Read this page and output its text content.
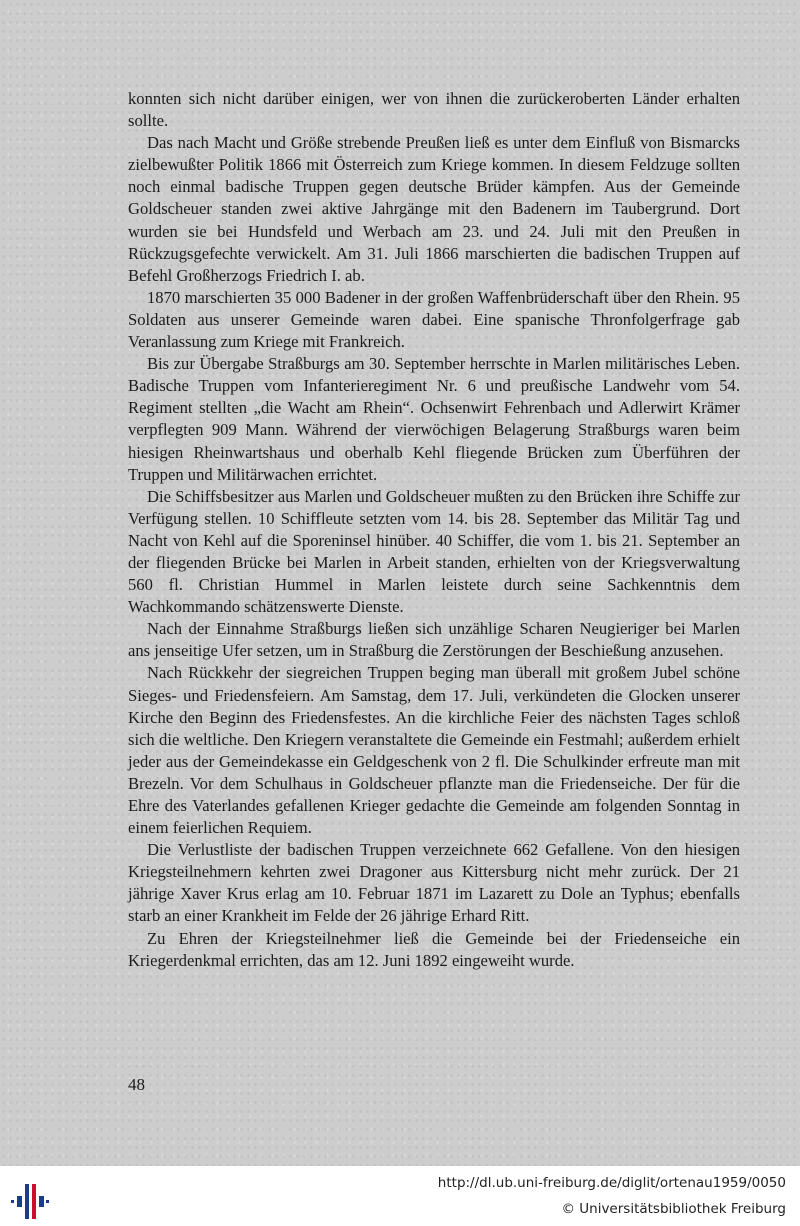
konnten sich nicht darüber einigen, wer von ihnen die zurückeroberten Länder erhalten sollte.

Das nach Macht und Größe strebende Preußen ließ es unter dem Einfluß von Bismarcks zielbewußter Politik 1866 mit Österreich zum Kriege kommen. In diesem Feldzuge sollten noch einmal badische Truppen gegen deutsche Brüder kämpfen. Aus der Gemeinde Goldscheuer standen zwei aktive Jahrgänge mit den Badenern im Taubergrund. Dort wurden sie bei Hundsfeld und Werbach am 23. und 24. Juli mit den Preußen in Rückzugsgefechte verwickelt. Am 31. Juli 1866 marschierten die badischen Truppen auf Befehl Großherzogs Friedrich I. ab.

1870 marschierten 35 000 Badener in der großen Waffenbrüderschaft über den Rhein. 95 Soldaten aus unserer Gemeinde waren dabei. Eine spanische Thronfolgerfrage gab Veranlassung zum Kriege mit Frankreich.

Bis zur Übergabe Straßburgs am 30. September herrschte in Marlen militärisches Leben. Badische Truppen vom Infanterieregiment Nr. 6 und preußische Landwehr vom 54. Regiment stellten „die Wacht am Rhein“. Ochsenwirt Fehrenbach und Adlerwirt Krämer verpflegten 909 Mann. Während der vierwöchigen Belagerung Straßburgs waren beim hiesigen Rheinwartshaus und oberhalb Kehl fliegende Brücken zum Überführen der Truppen und Militärwachen errichtet.

Die Schiffsbesitzer aus Marlen und Goldscheuer mußten zu den Brücken ihre Schiffe zur Verfügung stellen. 10 Schiffleute setzten vom 14. bis 28. September das Militär Tag und Nacht von Kehl auf die Sporeninsel hinüber. 40 Schiffer, die vom 1. bis 21. September an der fliegenden Brücke bei Marlen in Arbeit standen, erhielten von der Kriegsverwaltung 560 fl. Christian Hummel in Marlen leistete durch seine Sachkenntnis dem Wachkommando schätzenswerte Dienste.

Nach der Einnahme Straßburgs ließen sich unzählige Scharen Neugieriger bei Marlen ans jenseitige Ufer setzen, um in Straßburg die Zerstörungen der Beschießung anzusehen.

Nach Rückkehr der siegreichen Truppen beging man überall mit großem Jubel schöne Sieges- und Friedensfeiern. Am Samstag, dem 17. Juli, verkündeten die Glocken unserer Kirche den Beginn des Friedensfestes. An die kirchliche Feier des nächsten Tages schloß sich die weltliche. Den Kriegern veranstaltete die Gemeinde ein Festmahl; außerdem erhielt jeder aus der Gemeindekasse ein Geldgeschenk von 2 fl. Die Schulkinder erfreute man mit Brezeln. Vor dem Schulhaus in Goldscheuer pflanzte man die Friedenseiche. Der für die Ehre des Vaterlandes gefallenen Krieger gedachte die Gemeinde am folgenden Sonntag in einem feierlichen Requiem.

Die Verlustliste der badischen Truppen verzeichnete 662 Gefallene. Von den hiesigen Kriegsteilnehmern kehrten zwei Dragoner aus Kittersburg nicht mehr zurück. Der 21 jährige Xaver Krus erlag am 10. Februar 1871 im Lazarett zu Dole an Typhus; ebenfalls starb an einer Krankheit im Felde der 26 jährige Erhard Ritt.

Zu Ehren der Kriegsteilnehmer ließ die Gemeinde bei der Friedenseiche ein Kriegerdenkmal errichten, das am 12. Juni 1892 eingeweiht wurde.

48
http://dl.ub.uni-freiburg.de/diglit/ortenau1959/0050
© Universitätsbibliothek Freiburg
